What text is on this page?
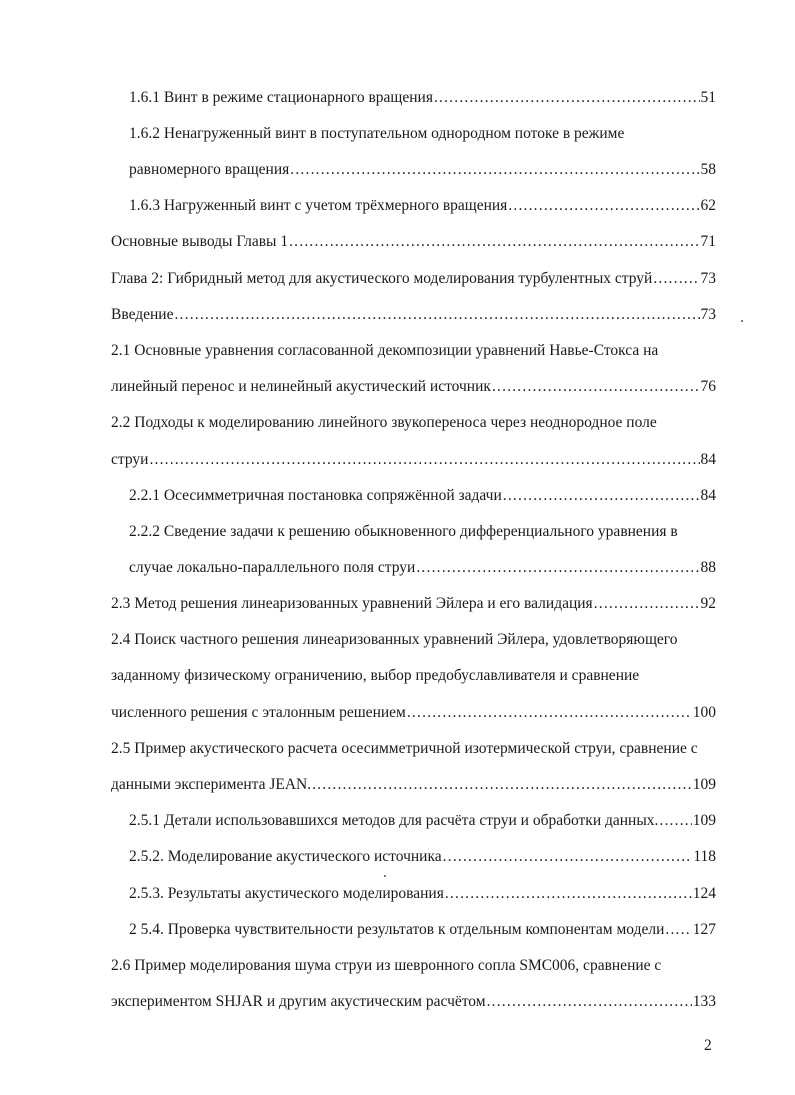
1.6.1 Винт в режиме стационарного вращения .....	51
1.6.2 Ненагруженный винт в поступательном однородном потоке в режиме
равномерного вращения .....	58
1.6.3 Нагруженный винт с учетом трёхмерного вращения .....	62
Основные выводы Главы 1 .....	71
Глава 2: Гибридный метод для акустического моделирования турбулентных струй .....	73
Введение .....	73
2.1 Основные уравнения согласованной декомпозиции уравнений Навье-Стокса на
линейный перенос и нелинейный акустический источник .....	76
2.2 Подходы к моделированию линейного звукопереноса через неоднородное поле
струи .....	84
2.2.1 Осесимметричная постановка сопряжённой задачи .....	84
2.2.2 Сведение задачи к решению обыкновенного дифференциального уравнения в
случае локально-параллельного поля струи .....	88
2.3 Метод решения линеаризованных уравнений Эйлера и его валидация .....	92
2.4 Поиск частного решения линеаризованных уравнений Эйлера, удовлетворяющего
заданному физическому ограничению, выбор предобуславливателя и сравнение
численного решения с эталонным решением .....	100
2.5 Пример акустического расчета осесимметричной изотермической струи, сравнение с
данными эксперимента JEAN. .....	109
2.5.1 Детали использовавшихся методов для расчёта струи и обработки данных. ..... 109
2.5.2. Моделирование акустического источника .....	118
2.5.3. Результаты акустического моделирования .....	124
2 5.4. Проверка чувствительности результатов к отдельным компонентам модели ..... 127
2.6 Пример моделирования шума струи из шевронного сопла SMC006, сравнение с
экспериментом SHJAR и другим акустическим расчётом .....	133
2
